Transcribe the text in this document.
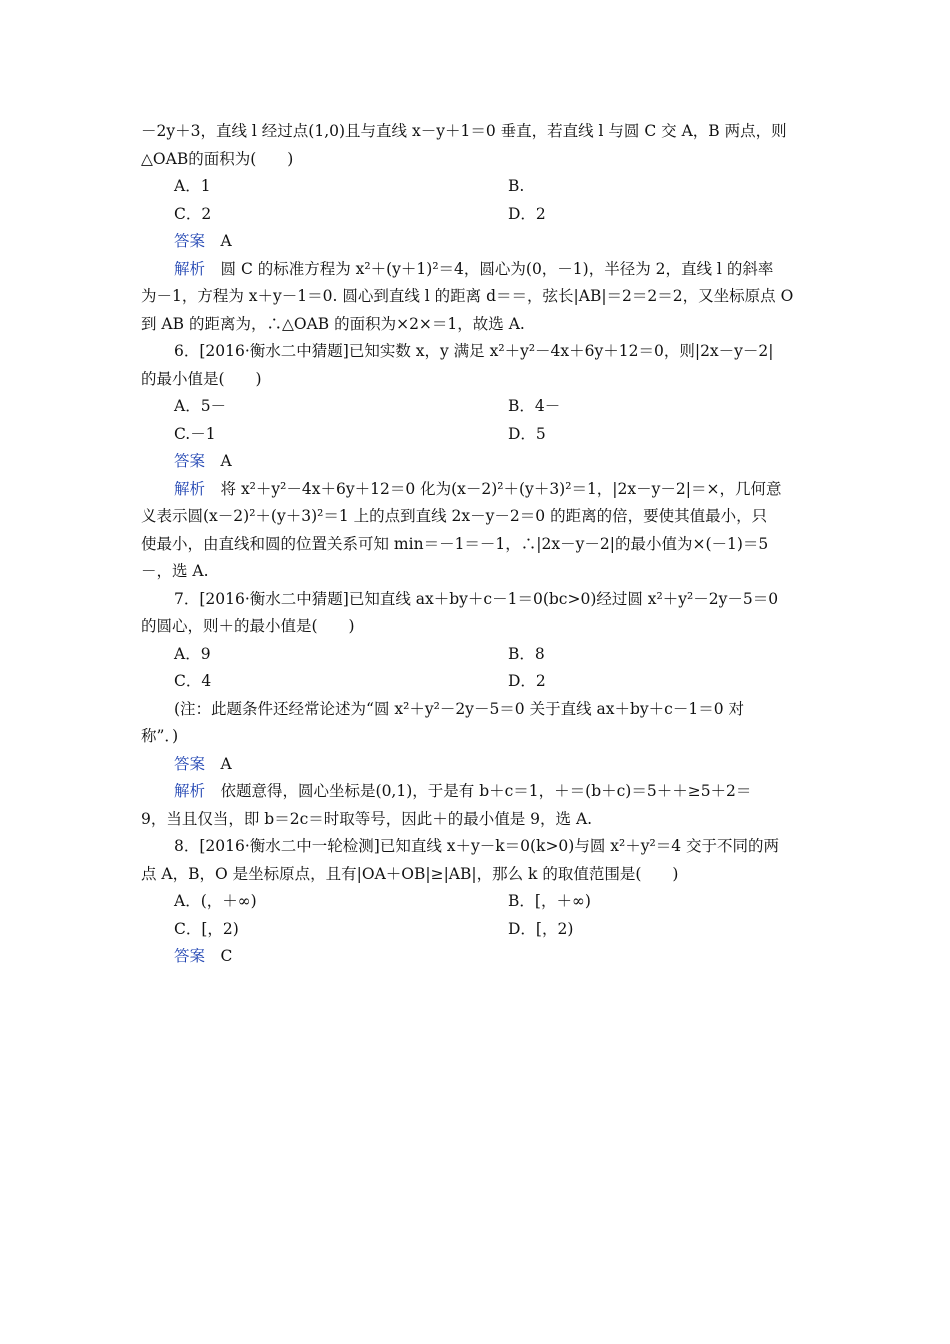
－2y＋3，直线 l 经过点(1,0)且与直线 x－y＋1＝0 垂直，若直线 l 与圆 C 交 A，B 两点，则
△OAB的面积为(　　)
A．1	B.
C．2	D．2
答案　A
解析　圆 C 的标准方程为 x²＋(y＋1)²＝4，圆心为(0，－1)，半径为 2，直线 l 的斜率
为－1，方程为 x＋y－1＝0. 圆心到直线 l 的距离 d＝＝，弦长|AB|＝2＝2＝2，又坐标原点 O
到 AB 的距离为，∴△OAB 的面积为×2×＝1，故选 A.
6．[2016·衡水二中猜题]已知实数 x，y 满足 x²＋y²－4x＋6y＋12＝0，则|2x－y－2|
的最小值是(　　)
A．5－	B．4－
C.－1	D．5
答案　A
解析　将 x²＋y²－4x＋6y＋12＝0 化为(x－2)²＋(y＋3)²＝1，|2x－y－2|＝×，几何意
义表示圆(x－2)²＋(y＋3)²＝1 上的点到直线 2x－y－2＝0 的距离的倍，要使其值最小，只
使最小，由直线和圆的位置关系可知 min＝－1＝－1，∴|2x－y－2|的最小值为×(－1)＝5
－，选 A.
7．[2016·衡水二中猜题]已知直线 ax＋by＋c－1＝0(bc>0)经过圆 x²＋y²－2y－5＝0
的圆心，则＋的最小值是(　　)
A．9	B．8
C．4	D．2
(注：此题条件还经常论述为“圆 x²＋y²－2y－5＝0 关于直线 ax＋by＋c－1＝0 对
称”．)
答案　A
解析　依题意得，圆心坐标是(0,1)，于是有 b＋c＝1，＋＝(b＋c)＝5＋＋≥5＋2＝
9，当且仅当，即 b＝2c＝时取等号，因此＋的最小值是 9，选 A.
8．[2016·衡水二中一轮检测]已知直线 x＋y－k＝0(k>0)与圆 x²＋y²＝4 交于不同的两
点 A，B，O 是坐标原点，且有|OA＋OB|≥|AB|，那么 k 的取值范围是(　　)
A．(，＋∞)	B．[，＋∞)
C．[，2)	D．[，2)
答案　C
